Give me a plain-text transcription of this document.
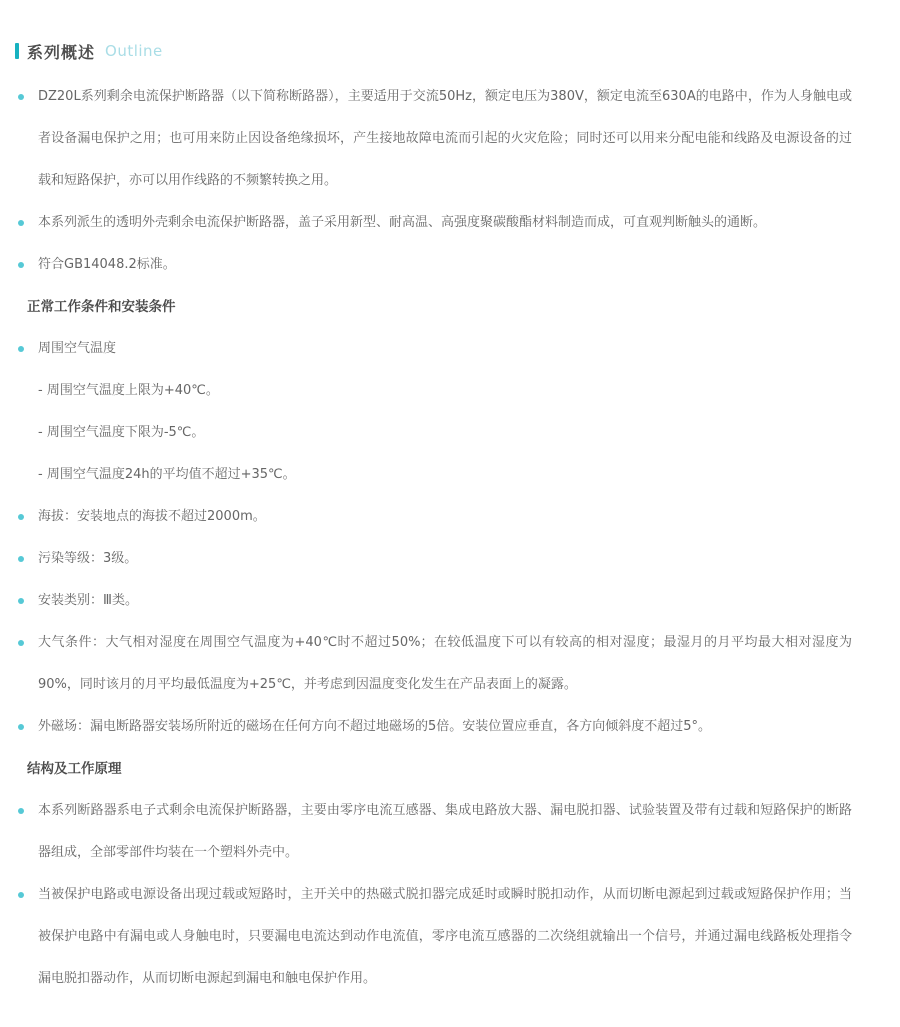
系列概述 Outline

DZ20L系列剩余电流保护断路器（以下简称断路器），主要适用于交流50Hz，额定电压为380V，额定电流至630A的电路中，作为人身触电或者设备漏电保护之用；也可用来防止因设备绝缘损坏，产生接地故障电流而引起的火灾危险；同时还可以用来分配电能和线路及电源设备的过载和短路保护，亦可以用作线路的不频繁转换之用。

本系列派生的透明外壳剩余电流保护断路器，盖子采用新型、耐高温、高强度聚碳酸酯材料制造而成，可直观判断触头的通断。

符合GB14048.2标准。

正常工作条件和安装条件

周围空气温度

- 周围空气温度上限为+40℃。

- 周围空气温度下限为-5℃。

- 周围空气温度24h的平均值不超过+35℃。

海拔：安装地点的海拔不超过2000m。

污染等级：3级。

安装类别：Ⅲ类。

大气条件：大气相对湿度在周围空气温度为+40℃时不超过50%；在较低温度下可以有较高的相对湿度；最湿月的月平均最大相对湿度为90%，同时该月的月平均最低温度为+25℃，并考虑到因温度变化发生在产品表面上的凝露。

外磁场：漏电断路器安装场所附近的磁场在任何方向不超过地磁场的5倍。安装位置应垂直，各方向倾斜度不超过5°。

结构及工作原理

本系列断路器系电子式剩余电流保护断路器，主要由零序电流互感器、集成电路放大器、漏电脱扣器、试验装置及带有过载和短路保护的断路器组成，全部零部件均装在一个塑料外壳中。

当被保护电路或电源设备出现过载或短路时，主开关中的热磁式脱扣器完成延时或瞬时脱扣动作，从而切断电源起到过载或短路保护作用；当被保护电路中有漏电或人身触电时，只要漏电电流达到动作电流值，零序电流互感器的二次绕组就输出一个信号，并通过漏电线路板处理指令漏电脱扣器动作，从而切断电源起到漏电和触电保护作用。
